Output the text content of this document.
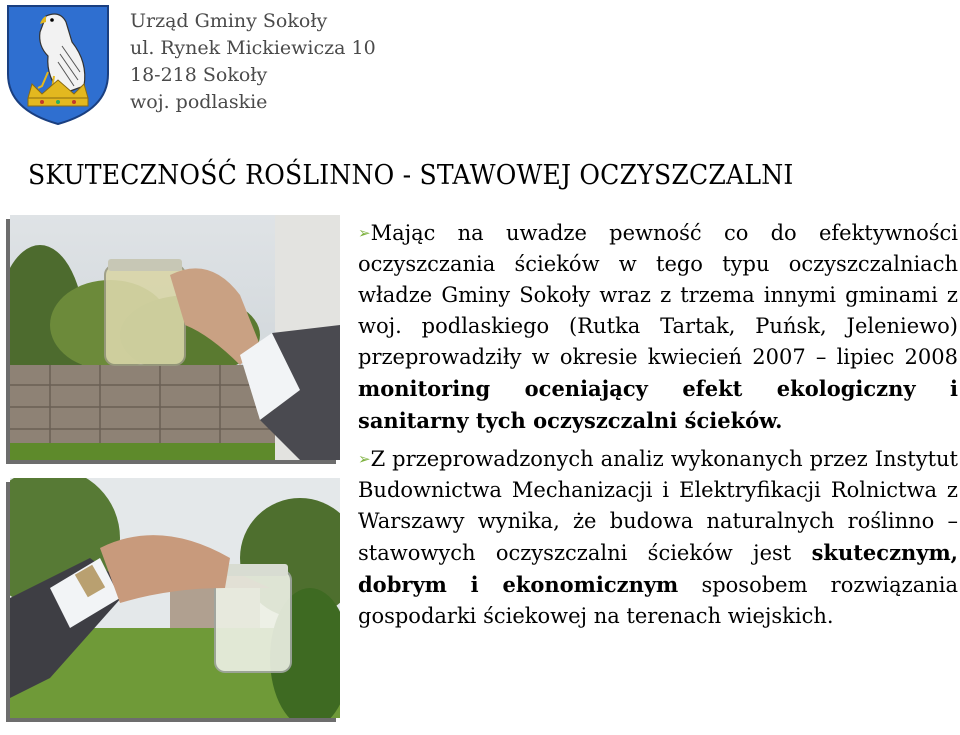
Urząd Gminy Sokoły
ul. Rynek Mickiewicza 10
18-218 Sokoły
woj. podlaskie
SKUTECZNOŚĆ ROŚLINNO - STAWOWEJ OCZYSZCZALNI
➢Mając na uwadze pewność co do efektywności oczyszczania ścieków w tego typu oczyszczalniach władze Gminy Sokoły wraz z trzema innymi gminami z woj. podlaskiego (Rutka Tartak, Puńsk, Jeleniewo) przeprowadziły w okresie kwiecień 2007 – lipiec 2008 monitoring oceniający efekt ekologiczny i sanitarny tych oczyszczalni ścieków.
➢Z przeprowadzonych analiz wykonanych przez Instytut Budownictwa Mechanizacji i Elektryfikacji Rolnictwa z Warszawy wynika, że budowa naturalnych roślinno – stawowych oczyszczalni ścieków jest skutecznym, dobrym i ekonomicznym sposobem rozwiązania gospodarki ściekowej na terenach wiejskich.
